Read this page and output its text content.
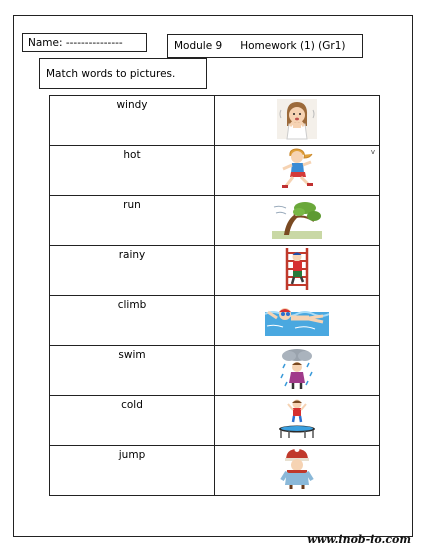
Name: ---------------	Module 9 Homework (1) (Gr1)
Match words to pictures.
windy	

hot	v

run	

rainy	

climb	

swim	

cold	

jump	
www.inob-io.com
